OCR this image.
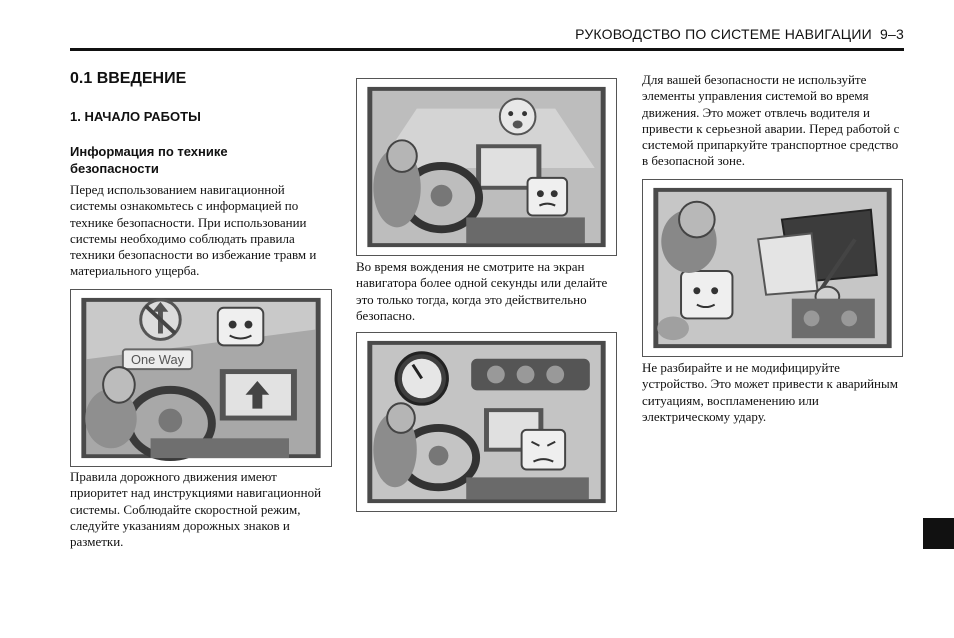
РУКОВОДСТВО ПО СИСТЕМЕ НАВИГАЦИИ 9–3
0.1 ВВЕДЕНИЕ
1. НАЧАЛО РАБОТЫ
Информация по технике безопасности
Перед использованием навигационной системы ознакомьтесь с информацией по технике безопасности. При использовании системы необходимо соблюдать правила техники безопасности во избежание травм и материального ущерба.
One Way
Правила дорожного движения имеют приоритет над инструкциями навигационной системы. Соблюдайте скоростной режим, следуйте указаниям дорожных знаков и разметки.
Во время вождения не смотрите на экран навигатора более одной секунды или делайте это только тогда, когда это действительно безопасно.
Для вашей безопасности не используйте элементы управления системой во время движения. Это может отвлечь водителя и привести к серьезной аварии. Перед работой с системой припаркуйте транспортное средство в безопасной зоне.
Не разбирайте и не модифицируйте устройство. Это может привести к аварийным ситуациям, воспламенению или электрическому удару.
